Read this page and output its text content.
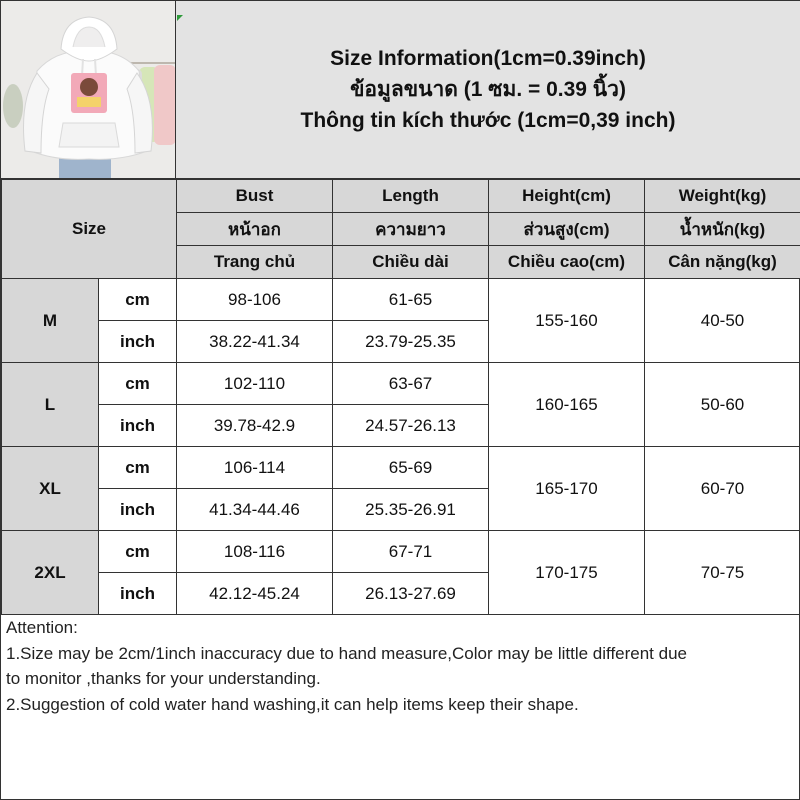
Size Information(1cm=0.39inch)
ข้อมูลขนาด (1 ซม. = 0.39 นิ้ว)
Thông tin kích thước (1cm=0,39 inch)
Size		Bust	Length	Height(cm)	Weight(kg)
		หน้าอก	ความยาว	ส่วนสูง(cm)	น้ำหนัก(kg)
		Trang chủ	Chiều dài	Chiều cao(cm)	Cân nặng(kg)
M	cm	98-106	61-65	155-160	40-50
	inch	38.22-41.34	23.79-25.35		
L	cm	102-110	63-67	160-165	50-60
	inch	39.78-42.9	24.57-26.13		
XL	cm	106-114	65-69	165-170	60-70
	inch	41.34-44.46	25.35-26.91		
2XL	cm	108-116	67-71	170-175	70-75
	inch	42.12-45.24	26.13-27.69		
Attention:
1.Size may be 2cm/1inch inaccuracy due to hand measure,Color may be little different due
to monitor ,thanks for your understanding.
2.Suggestion of cold water hand washing,it can help items keep their shape.
